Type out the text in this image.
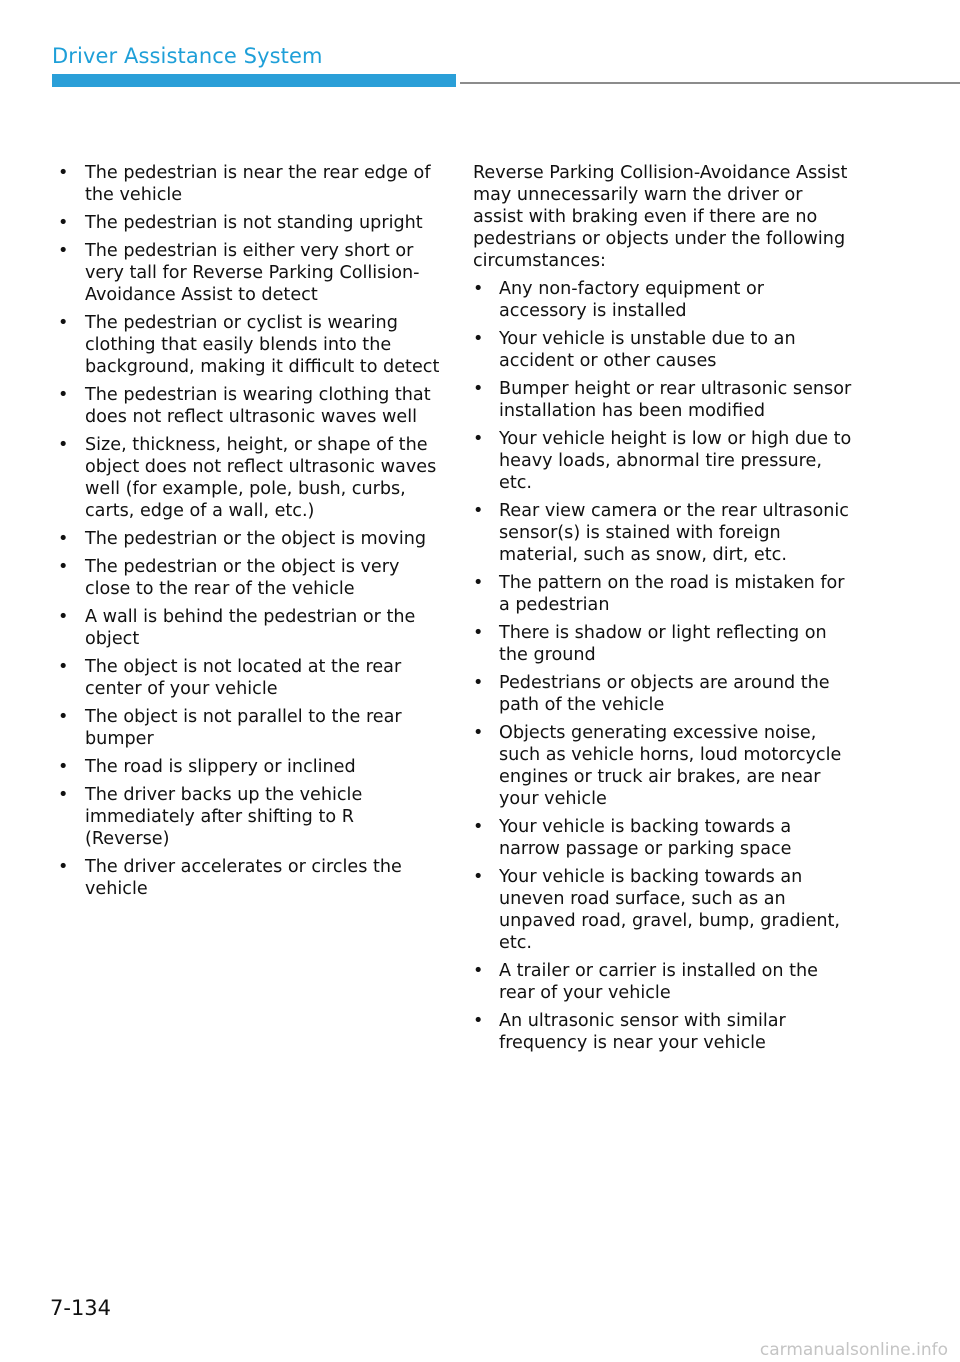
Driver Assistance System
• The pedestrian is near the rear edge of the vehicle
• The pedestrian is not standing upright
• The pedestrian is either very short or very tall for Reverse Parking Collision-Avoidance Assist to detect
• The pedestrian or cyclist is wearing clothing that easily blends into the background, making it difficult to detect
• The pedestrian is wearing clothing that does not reflect ultrasonic waves well
• Size, thickness, height, or shape of the object does not reflect ultrasonic waves well (for example, pole, bush, curbs, carts, edge of a wall, etc.)
• The pedestrian or the object is moving
• The pedestrian or the object is very close to the rear of the vehicle
• A wall is behind the pedestrian or the object
• The object is not located at the rear center of your vehicle
• The object is not parallel to the rear bumper
• The road is slippery or inclined
• The driver backs up the vehicle immediately after shifting to R (Reverse)
• The driver accelerates or circles the vehicle

Reverse Parking Collision-Avoidance Assist may unnecessarily warn the driver or assist with braking even if there are no pedestrians or objects under the following circumstances:

• Any non-factory equipment or accessory is installed
• Your vehicle is unstable due to an accident or other causes
• Bumper height or rear ultrasonic sensor installation has been modified
• Your vehicle height is low or high due to heavy loads, abnormal tire pressure, etc.
• Rear view camera or the rear ultrasonic sensor(s) is stained with foreign material, such as snow, dirt, etc.
• The pattern on the road is mistaken for a pedestrian
• There is shadow or light reflecting on the ground
• Pedestrians or objects are around the path of the vehicle
• Objects generating excessive noise, such as vehicle horns, loud motorcycle engines or truck air brakes, are near your vehicle
• Your vehicle is backing towards a narrow passage or parking space
• Your vehicle is backing towards an uneven road surface, such as an unpaved road, gravel, bump, gradient, etc.
• A trailer or carrier is installed on the rear of your vehicle
• An ultrasonic sensor with similar frequency is near your vehicle
7-134
carmanualsonline.info
